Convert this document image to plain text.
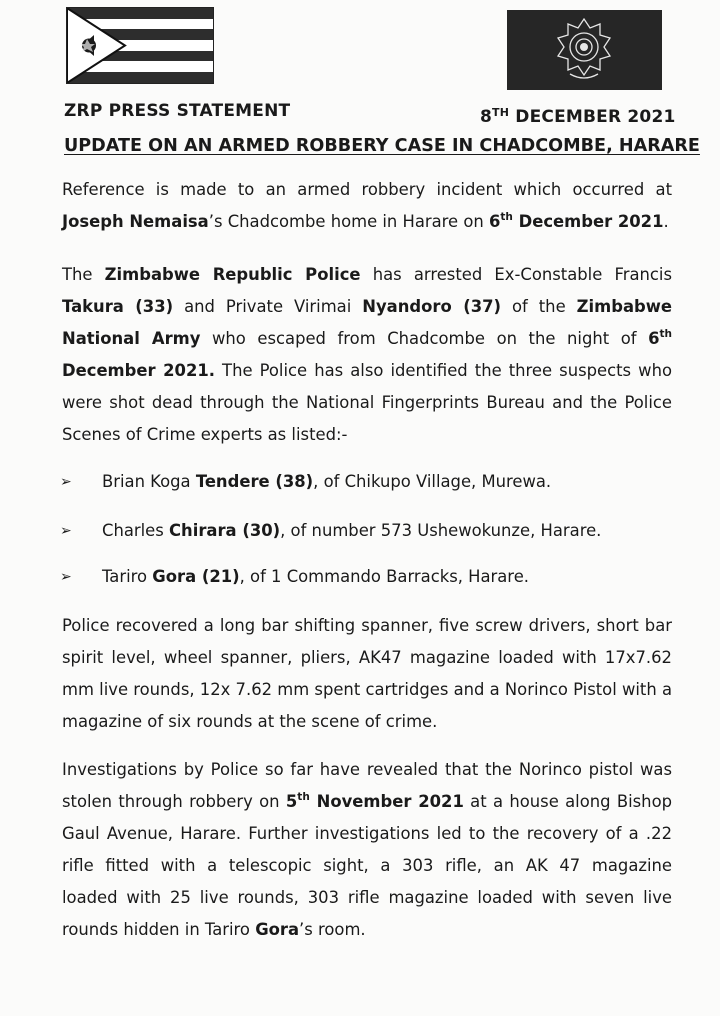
ZRP PRESS STATEMENT	8TH DECEMBER 2021
UPDATE ON AN ARMED ROBBERY CASE IN CHADCOMBE, HARARE
Reference is made to an armed robbery incident which occurred at
Joseph Nemaisa’s Chadcombe home in Harare on 6th December 2021.
The Zimbabwe Republic Police has arrested Ex-Constable Francis
Takura (33) and Private Virimai Nyandoro (37) of the Zimbabwe
National Army who escaped from Chadcombe on the night of 6th
December 2021. The Police has also identified the three suspects who
were shot dead through the National Fingerprints Bureau and the Police
Scenes of Crime experts as listed:-
➢ Brian Koga Tendere (38), of Chikupo Village, Murewa.
➢ Charles Chirara (30), of number 573 Ushewokunze, Harare.
➢ Tariro Gora (21), of 1 Commando Barracks, Harare.
Police recovered a long bar shifting spanner, five screw drivers, short bar
spirit level, wheel spanner, pliers, AK47 magazine loaded with 17x7.62
mm live rounds, 12x 7.62 mm spent cartridges and a Norinco Pistol with a
magazine of six rounds at the scene of crime.
Investigations by Police so far have revealed that the Norinco pistol was
stolen through robbery on 5th November 2021 at a house along Bishop
Gaul Avenue, Harare. Further investigations led to the recovery of a .22
rifle fitted with a telescopic sight, a 303 rifle, an AK 47 magazine
loaded with 25 live rounds, 303 rifle magazine loaded with seven live
rounds hidden in Tariro Gora’s room.
